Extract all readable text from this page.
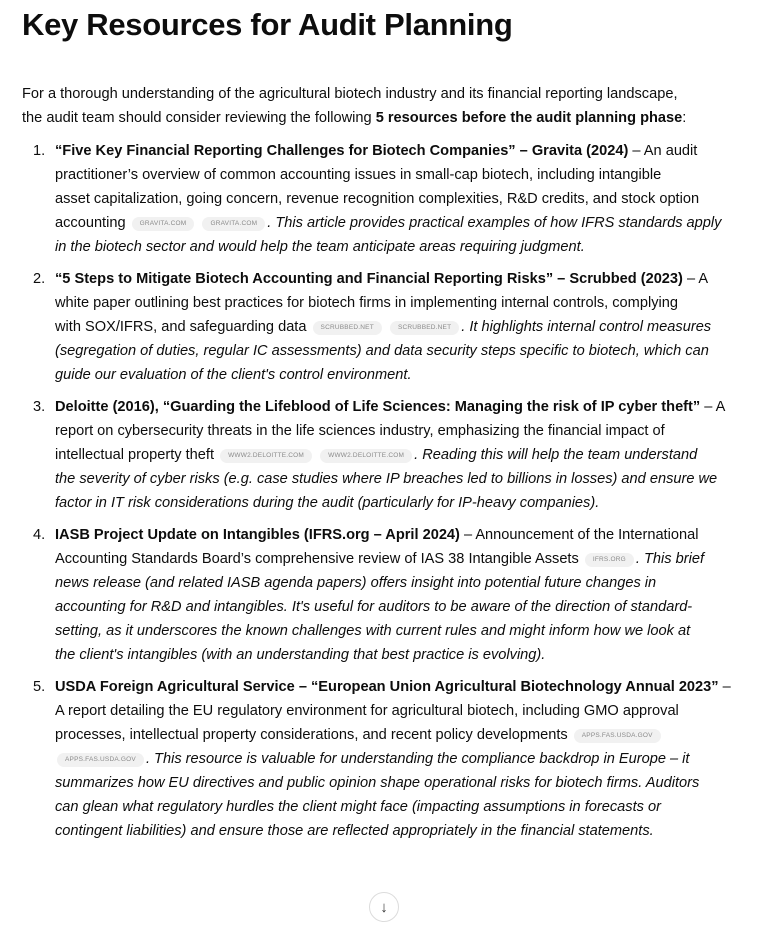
Key Resources for Audit Planning
For a thorough understanding of the agricultural biotech industry and its financial reporting landscape,
the audit team should consider reviewing the following 5 resources before the audit planning phase:
1. “Five Key Financial Reporting Challenges for Biotech Companies” – Gravita (2024) – An audit
practitioner’s overview of common accounting issues in small-cap biotech, including intangible
asset capitalization, going concern, revenue recognition complexities, R&D credits, and stock option
accounting GRAVITA.COM	GRAVITA.COM . This article provides practical examples of how IFRS standards apply
in the biotech sector and would help the team anticipate areas requiring judgment.
2. “5 Steps to Mitigate Biotech Accounting and Financial Reporting Risks” – Scrubbed (2023) – A
white paper outlining best practices for biotech firms in implementing internal controls, complying
with SOX/IFRS, and safeguarding data SCRUBBED.NET	SCRUBBED.NET . It highlights internal control measures
(segregation of duties, regular IC assessments) and data security steps specific to biotech, which can
guide our evaluation of the client's control environment.
3. Deloitte (2016), “Guarding the Lifeblood of Life Sciences: Managing the risk of IP cyber theft” – A
report on cybersecurity threats in the life sciences industry, emphasizing the financial impact of
intellectual property theft WWW2.DELOITTE.COM	WWW2.DELOITTE.COM . Reading this will help the team understand
the severity of cyber risks (e.g. case studies where IP breaches led to billions in losses) and ensure we
factor in IT risk considerations during the audit (particularly for IP-heavy companies).
4. IASB Project Update on Intangibles (IFRS.org – April 2024) – Announcement of the International
Accounting Standards Board’s comprehensive review of IAS 38 Intangible Assets IFRS.ORG . This brief
news release (and related IASB agenda papers) offers insight into potential future changes in
accounting for R&D and intangibles. It's useful for auditors to be aware of the direction of standard-
setting, as it underscores the known challenges with current rules and might inform how we look at
the client's intangibles (with an understanding that best practice is evolving).
5. USDA Foreign Agricultural Service – “European Union Agricultural Biotechnology Annual 2023” –
A report detailing the EU regulatory environment for agricultural biotech, including GMO approval
processes, intellectual property considerations, and recent policy developments APPS.FAS.USDA.GOV
APPS.FAS.USDA.GOV . This resource is valuable for understanding the compliance backdrop in Europe – it
summarizes how EU directives and public opinion shape operational risks for biotech firms. Auditors
can glean what regulatory hurdles the client might face (impacting assumptions in forecasts or
contingent liabilities) and ensure those are reflected appropriately in the financial statements.
↓
